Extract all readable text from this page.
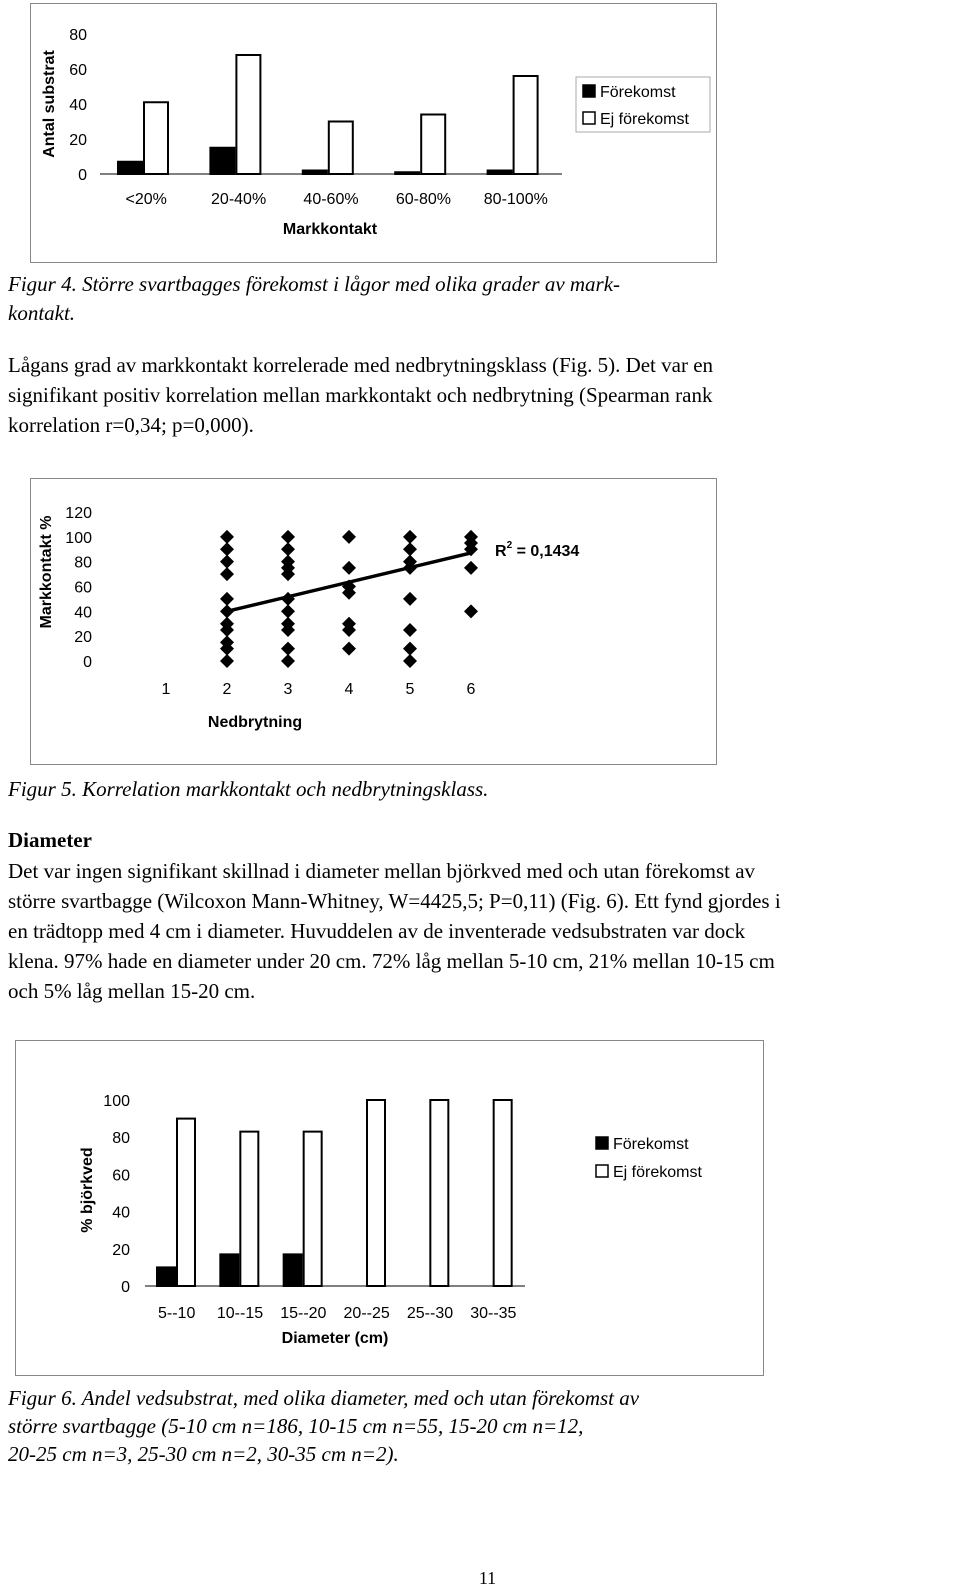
80
60
40
20
0
<20%	20-40% 40-60% 60-80% 80-100%
Markkontakt
Antal substrat	Förekomst
Ej förekomst
Figur 4. Större svartbagges förekomst i lågor med olika grader av mark-
kontakt.
Lågans grad av markkontakt korrelerade med nedbrytningsklass (Fig. 5). Det var en
signifikant positiv korrelation mellan markkontakt och nedbrytning (Spearman rank
korrelation r=0,34; p=0,000).
120
100
80
60
40
20
0
1	2	3	4	5	6
Nedbrytning
Markkontakt %	$R^2 = 0,1434$
Figur 5. Korrelation markkontakt och nedbrytningsklass.
Diameter
Det var ingen signifikant skillnad i diameter mellan björkved med och utan förekomst av
större svartbagge (Wilcoxon Mann-Whitney, W=4425,5; P=0,11) (Fig. 6). Ett fynd gjordes i
en trädtopp med 4 cm i diameter. Huvuddelen av de inventerade vedsubstraten var dock
klena. 97% hade en diameter under 20 cm. 72% låg mellan 5-10 cm, 21% mellan 10-15 cm
och 5% låg mellan 15-20 cm.
100
80
60
40
20
0
5--10 10--15 15--20 20--25 25--30 30--35
Diameter (cm)
% björkved
Förekomst
Ej förekomst
Figur 6. Andel vedsubstrat, med olika diameter, med och utan förekomst av
större svartbagge (5-10 cm n=186, 10-15 cm n=55, 15-20 cm n=12,
20-25 cm n=3, 25-30 cm n=2, 30-35 cm n=2).
11
